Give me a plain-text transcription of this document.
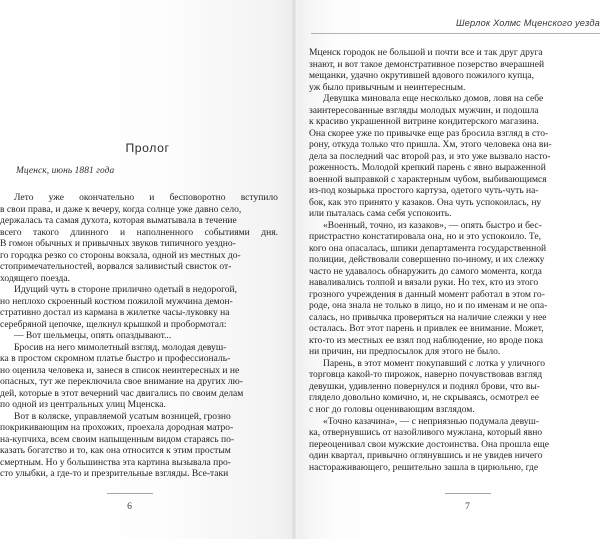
Пролог
Мценск, июнь 1881 года
Лето уже окончательно и бесповоротно вступило
в свои права, и даже к вечеру, когда солнце уже давно село,
держалась та самая духота, которая выматывала в течение
всего такого длинного и наполненного событиями дня.
В гомон обычных и привычных звуков типичного уездно-
го городка резко со стороны вокзала, одной из местных до-
стопримечательностей, ворвался заливистый свисток от-
ходящего поезда.
Идущий чуть в стороне прилично одетый в недорогой,
но неплохо скроенный костюм пожилой мужчина демон-
стративно достал из кармана в жилетке часы-луковку на
серебряной цепочке, щелкнул крышкой и пробормотал:
— Вот шельмецы, опять опаздывают...
Бросив на него мимолетный взгляд, молодая девуш-
ка в простом скромном платье быстро и профессиональ-
но оценила человека и, занеся в список неинтересных и не
опасных, тут же переключила свое внимание на других лю-
дей, которые в этот вечерний час двигались по своим делам
по одной из центральных улиц Мценска.
Вот в коляске, управляемой усатым возницей, грозно
покрикивающим на прохожих, проехала дородная матро-
на-купчиха, всем своим напыщенным видом стараясь по-
казать богатство и то, как она относится к этим простым
смертным. Но у большинства эта картина вызывала про-
сто улыбки, а где-то и презрительные взгляды. Все-таки
6
Шерлок Холмс Мценского уезда
Мценск городок не большой и почти все и так друг друга
знают, и вот такое демонстративное позерство вчерашней
мещанки, удачно окрутившей вдового пожилого купца,
уж было привычным и неинтересным.
Девушка миновала еще несколько домов, ловя на себе
заинтересованные взгляды молодых мужчин, и подошла
к красиво украшенной витрине кондитерского магазина.
Она скорее уже по привычке еще раз бросила взгляд в сто-
рону, откуда только что пришла. Хм, этого человека она ви-
дела за последний час второй раз, и это уже вызвало насто-
роженность. Молодой крепкий парень с явно выраженной
военной выправкой с характерным чубом, выбивающимся
из-под козырька простого картуза, одетого чуть-чуть на-
бок, как это принято у казаков. Она чуть успокоилась, ну
или пыталась сама себя успокоить.
«Военный, точно, из казаков», — опять быстро и бес-
пристрастно констатировала она, но и это успокоило. Те,
кого она опасалась, шпики департамента государственной
полиции, действовали совершенно по-иному, и их слежку
часто не удавалось обнаружить до самого момента, когда
наваливались толпой и вязали руки. Но тех, кто из этого
грозного учреждения в данный момент работал в этом го-
роде, она знала не только в лицо, но и по именам и не опа-
салась, но привычка проверяться на наличие слежки у нее
осталась. Вот этот парень и привлек ее внимание. Может,
кто-то из местных ее взял под наблюдение, но вроде пока
ни причин, ни предпосылок для этого не было.
Парень, в этот момент покупавший с лотка у уличного
торговца какой-то пирожок, наверно почувствовав взгляд
девушки, удивленно повернулся и поднял брови, что вы-
глядело довольно комично, и, не скрываясь, осмотрел ее
с ног до головы оценивающим взглядом.
«Точно казачина», — с неприязнью подумала девуш-
ка, отвернувшись от назойливого мужлана, который явно
переоценивал свои мужские достоинства. Она прошла еще
один квартал, привычно оглянувшись и не увидев ничего
настораживающего, решительно зашла в цирюльню, где
7
